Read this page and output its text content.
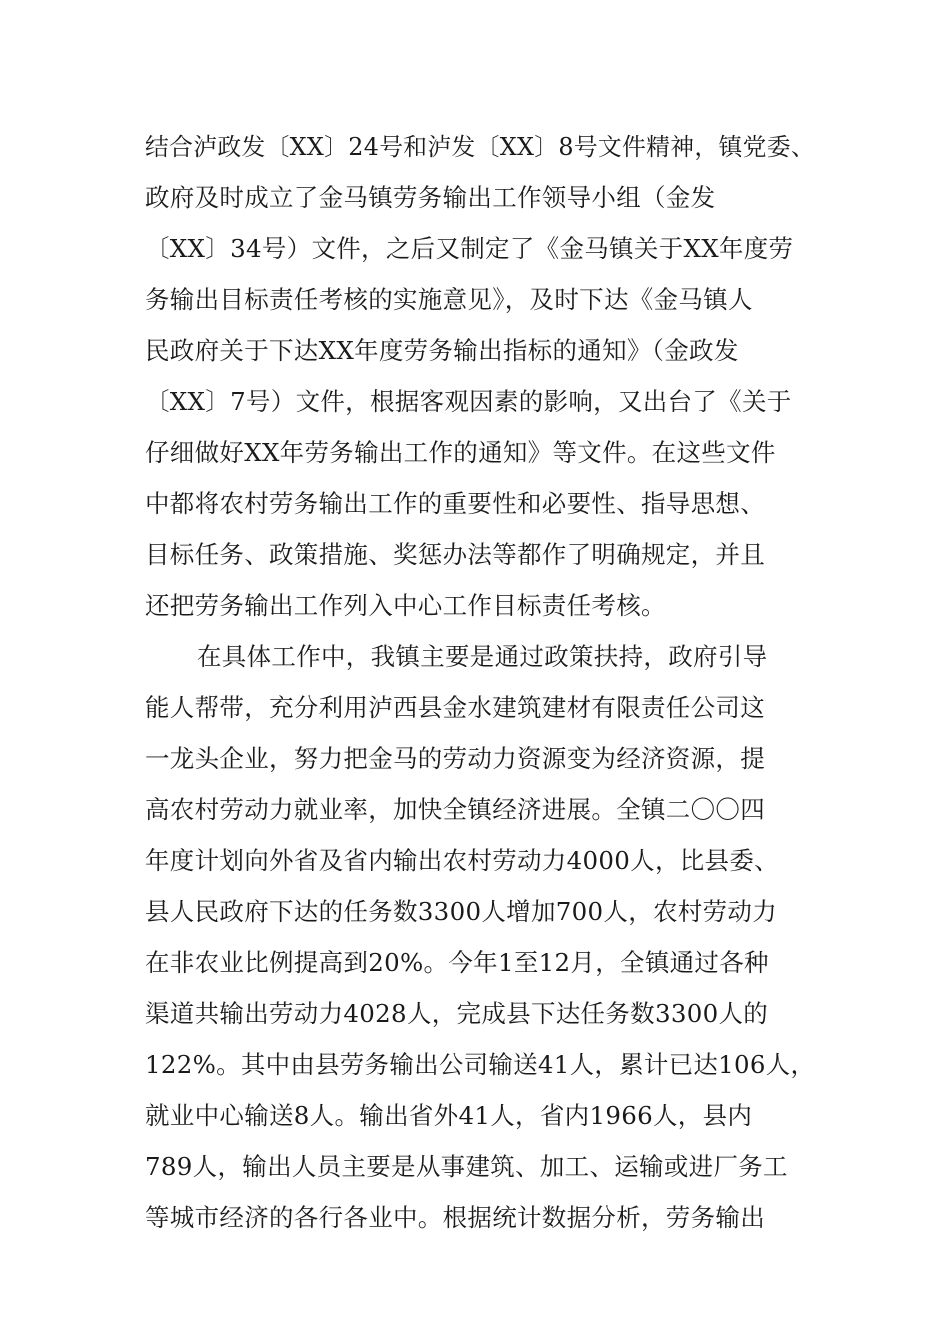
结合泸政发〔XX〕24号和泸发〔XX〕8号文件精神，镇党委、
政府及时成立了金马镇劳务输出工作领导小组（金发
〔XX〕34号）文件，之后又制定了《金马镇关于XX年度劳
务输出目标责任考核的实施意见》，及时下达《金马镇人
民政府关于下达XX年度劳务输出指标的通知》（金政发
〔XX〕7号）文件，根据客观因素的影响，又出台了《关于
仔细做好XX年劳务输出工作的通知》等文件。在这些文件
中都将农村劳务输出工作的重要性和必要性、指导思想、
目标任务、政策措施、奖惩办法等都作了明确规定，并且
还把劳务输出工作列入中心工作目标责任考核。
在具体工作中，我镇主要是通过政策扶持，政府引导
能人帮带，充分利用泸西县金水建筑建材有限责任公司这
一龙头企业，努力把金马的劳动力资源变为经济资源，提
高农村劳动力就业率，加快全镇经济进展。全镇二〇〇四
年度计划向外省及省内输出农村劳动力4000人，比县委、
县人民政府下达的任务数3300人增加700人，农村劳动力
在非农业比例提高到20%。今年1至12月，全镇通过各种
渠道共输出劳动力4028人，完成县下达任务数3300人的
122%。其中由县劳务输出公司输送41人，累计已达106人，
就业中心输送8人。输出省外41人，省内1966人，县内
789人，输出人员主要是从事建筑、加工、运输或进厂务工
等城市经济的各行各业中。根据统计数据分析，劳务输出
